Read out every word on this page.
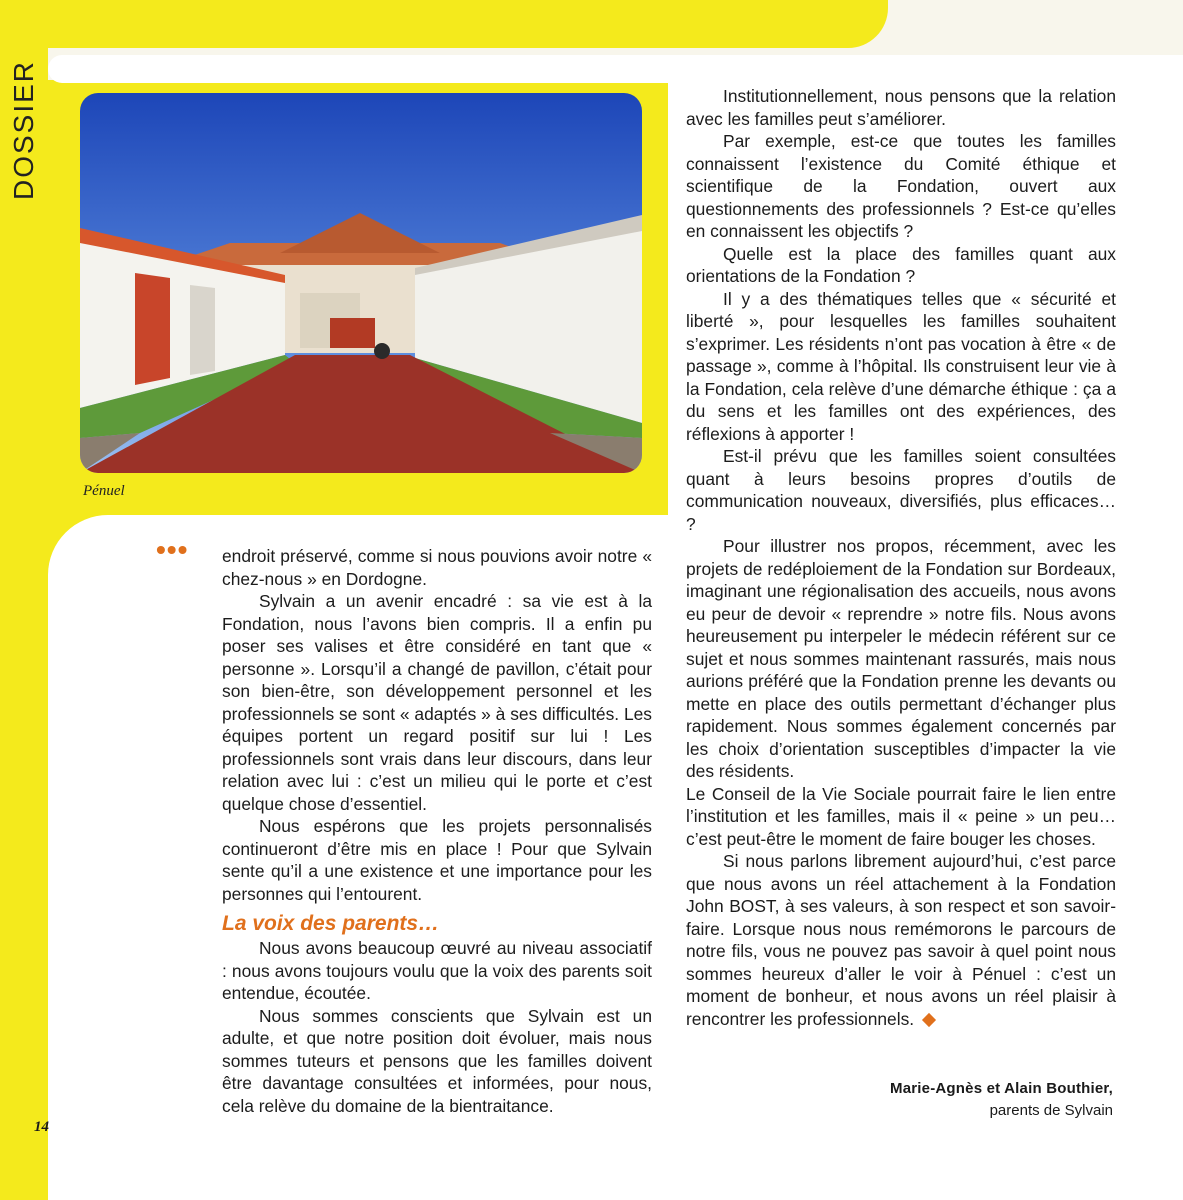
DOSSIER
Pénuel
••• endroit préservé, comme si nous pouvions avoir notre « chez-nous » en Dordogne.

Sylvain a un avenir encadré : sa vie est à la Fondation, nous l’avons bien compris. Il a enfin pu poser ses valises et être considéré en tant que « personne ». Lorsqu’il a changé de pavillon, c’était pour son bien-être, son développement personnel et les professionnels se sont « adaptés » à ses difficultés. Les équipes portent un regard positif sur lui ! Les professionnels sont vrais dans leur discours, dans leur relation avec lui : c’est un milieu qui le porte et c’est quelque chose d’essentiel.

Nous espérons que les projets personnalisés continueront d’être mis en place ! Pour que Sylvain sente qu’il a une existence et une importance pour les personnes qui l’entourent.

La voix des parents…

Nous avons beaucoup œuvré au niveau associatif : nous avons toujours voulu que la voix des parents soit entendue, écoutée.

Nous sommes conscients que Sylvain est un adulte, et que notre position doit évoluer, mais nous sommes tuteurs et pensons que les familles doivent être davantage consultées et informées, pour nous, cela relève du domaine de la bientraitance.

Institutionnellement, nous pensons que la relation avec les familles peut s’améliorer.

Par exemple, est-ce que toutes les familles connaissent l’existence du Comité éthique et scientifique de la Fondation, ouvert aux questionnements des professionnels ? Est-ce qu’elles en connaissent les objectifs ?

Quelle est la place des familles quant aux orientations de la Fondation ?

Il y a des thématiques telles que « sécurité et liberté », pour lesquelles les familles souhaitent s’exprimer. Les résidents n’ont pas vocation à être « de passage », comme à l’hôpital. Ils construisent leur vie à la Fondation, cela relève d’une démarche éthique : ça a du sens et les familles ont des expériences, des réflexions à apporter !

Est-il prévu que les familles soient consultées quant à leurs besoins propres d’outils de communication nouveaux, diversifiés, plus efficaces… ?

Pour illustrer nos propos, récemment, avec les projets de redéploiement de la Fondation sur Bordeaux, imaginant une régionalisation des accueils, nous avons eu peur de devoir « reprendre » notre fils. Nous avons heureusement pu interpeler le médecin référent sur ce sujet et nous sommes maintenant rassurés, mais nous aurions préféré que la Fondation prenne les devants ou mette en place des outils permettant d’échanger plus rapidement. Nous sommes également concernés par les choix d’orientation susceptibles d’impacter la vie des résidents.

Le Conseil de la Vie Sociale pourrait faire le lien entre l’institution et les familles, mais il « peine » un peu… c’est peut-être le moment de faire bouger les choses.

Si nous parlons librement aujourd’hui, c’est parce que nous avons un réel attachement à la Fondation John BOST, à ses valeurs, à son respect et son savoir-faire. Lorsque nous nous remémorons le parcours de notre fils, vous ne pouvez pas savoir à quel point nous sommes heureux d’aller le voir à Pénuel : c’est un moment de bonheur, et nous avons un réel plaisir à rencontrer les professionnels.

Marie-Agnès et Alain Bouthier,
parents de Sylvain
14
